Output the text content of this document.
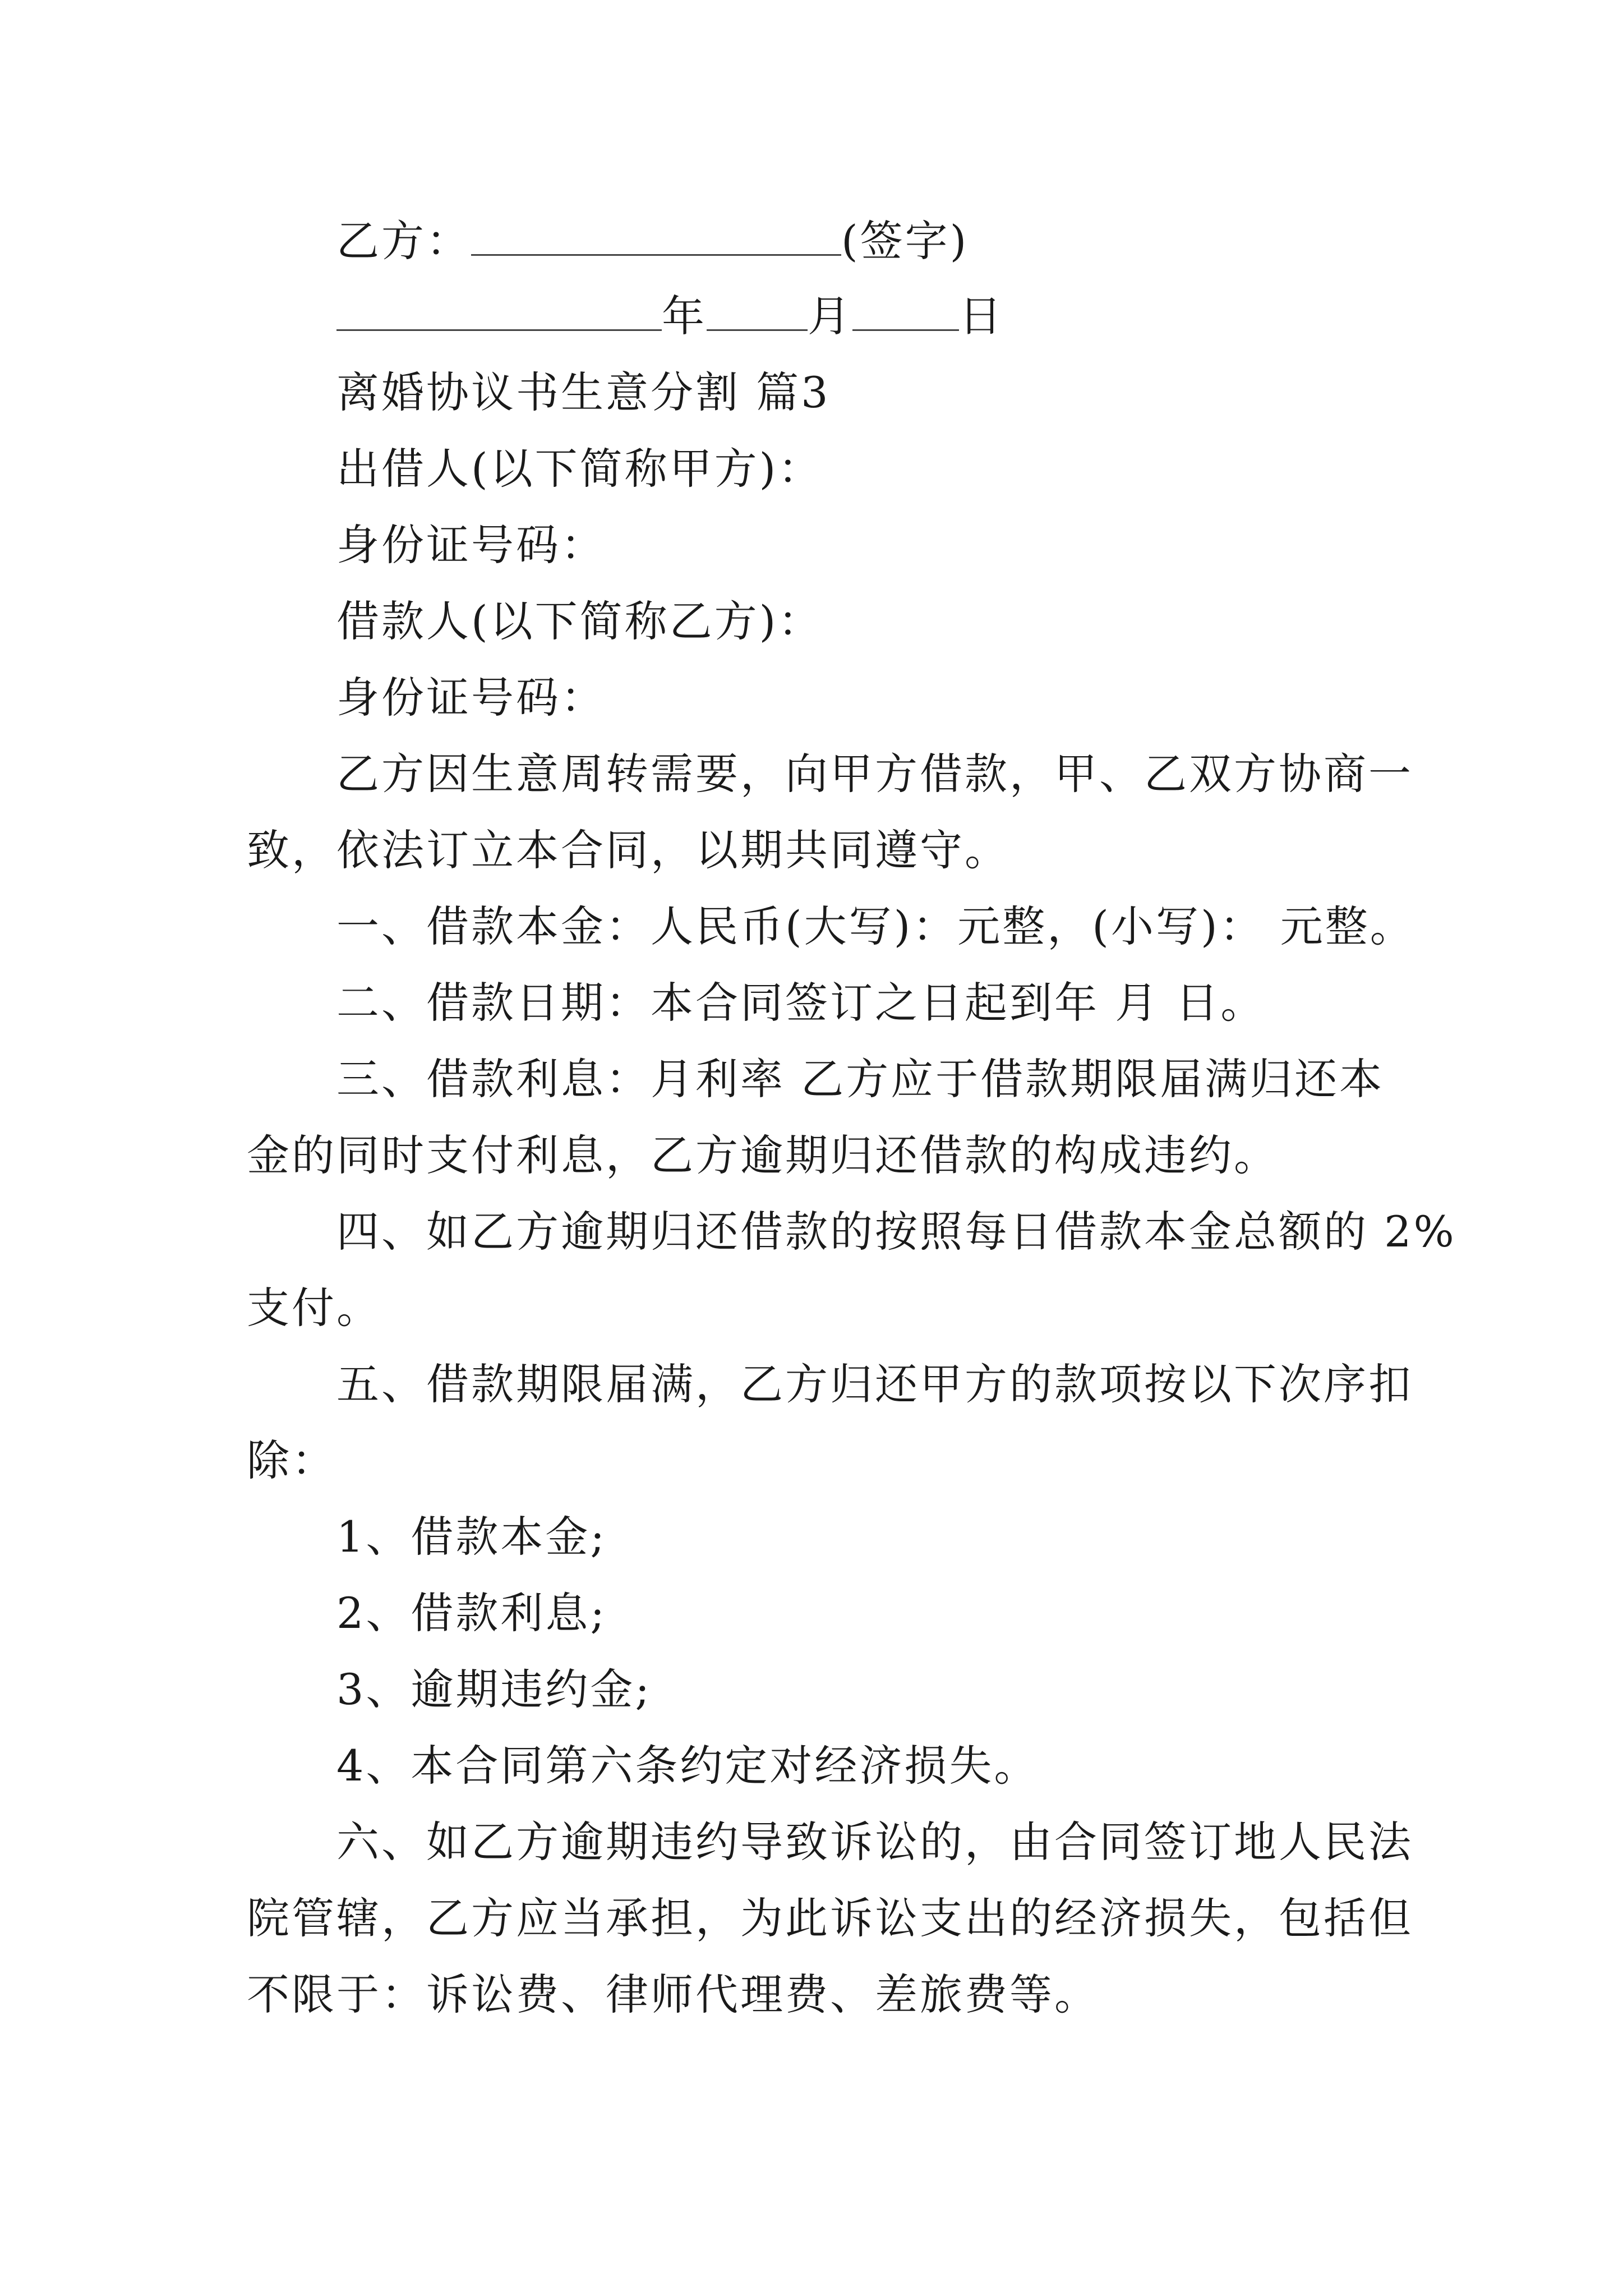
乙方：	(签字)
年 月	日
离婚协议书生意分割 篇3
出借人(以下简称甲方)：
身份证号码：
借款人(以下简称乙方)：
身份证号码：
乙方因生意周转需要，向甲方借款，甲、乙双方协商一
致，依法订立本合同，以期共同遵守。
一、借款本金：人民币(大写)：元整，(小写)： 元整。
二、借款日期：本合同签订之日起到年 月 日。
三、借款利息：月利率 乙方应于借款期限届满归还本
金的同时支付利息，乙方逾期归还借款的构成违约。
四、如乙方逾期归还借款的按照每日借款本金总额的 2%
支付。
五、借款期限届满，乙方归还甲方的款项按以下次序扣
除：
1、借款本金;
2、借款利息;
3、逾期违约金;
4、本合同第六条约定对经济损失。
六、如乙方逾期违约导致诉讼的，由合同签订地人民法
院管辖，乙方应当承担，为此诉讼支出的经济损失，包括但
不限于：诉讼费、律师代理费、差旅费等。
